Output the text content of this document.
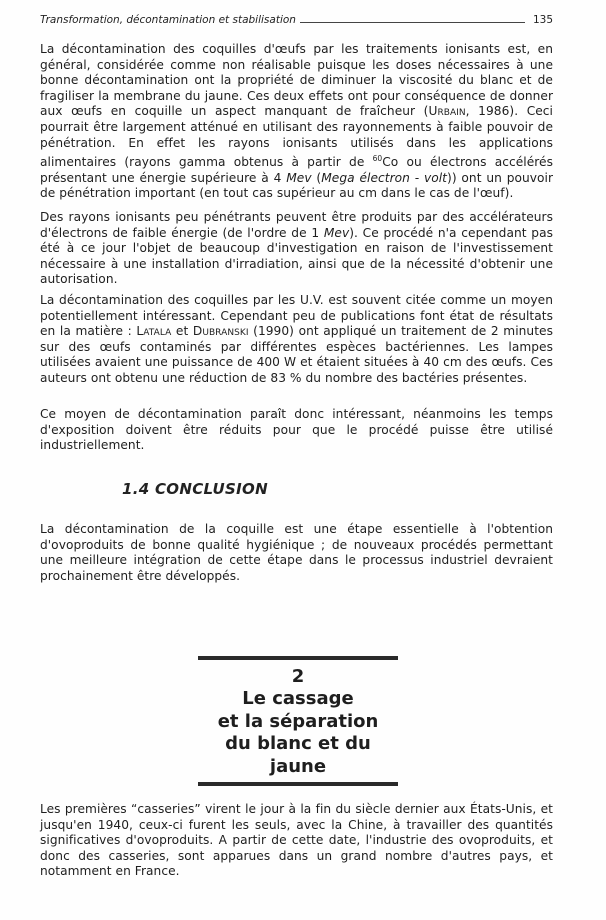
Transformation, décontamination et stabilisation	135

La décontamination des coquilles d'œufs par les traitements ionisants est, en général, considérée comme non réalisable puisque les doses nécessaires à une bonne décontamination ont la propriété de diminuer la viscosité du blanc et de fragiliser la membrane du jaune. Ces deux effets ont pour conséquence de donner aux œufs en coquille un aspect manquant de fraîcheur (Urbain, 1986). Ceci pourrait être largement atténué en utilisant des rayonnements à faible pouvoir de pénétration. En effet les rayons ionisants utilisés dans les applications alimentaires (rayons gamma obtenus à partir de $^{60}$Co ou électrons accélérés présentant une énergie supérieure à 4 Mev (Mega électron - volt)) ont un pouvoir de pénétration important (en tout cas supérieur au cm dans le cas de l'œuf).

Des rayons ionisants peu pénétrants peuvent être produits par des accélérateurs d'électrons de faible énergie (de l'ordre de 1 Mev). Ce procédé n'a cependant pas été à ce jour l'objet de beaucoup d'investigation en raison de l'investissement nécessaire à une installation d'irradiation, ainsi que de la nécessité d'obtenir une autorisation.

La décontamination des coquilles par les U.V. est souvent citée comme un moyen potentiellement intéressant. Cependant peu de publications font état de résultats en la matière : Latala et Dubranski (1990) ont appliqué un traitement de 2 minutes sur des œufs contaminés par différentes espèces bactériennes. Les lampes utilisées avaient une puissance de 400 W et étaient situées à 40 cm des œufs. Ces auteurs ont obtenu une réduction de 83 % du nombre des bactéries présentes.

Ce moyen de décontamination paraît donc intéressant, néanmoins les temps d'exposition doivent être réduits pour que le procédé puisse être utilisé industriellement.

1.4 CONCLUSION

La décontamination de la coquille est une étape essentielle à l'obtention d'ovoproduits de bonne qualité hygiénique ; de nouveaux procédés permettant une meilleure intégration de cette étape dans le processus industriel devraient prochainement être développés.

2
Le cassage
et la séparation
du blanc et du jaune

Les premières “casseries” virent le jour à la fin du siècle dernier aux États-Unis, et jusqu'en 1940, ceux-ci furent les seuls, avec la Chine, à travailler des quantités significatives d'ovoproduits. A partir de cette date, l'industrie des ovoproduits, et donc des casseries, sont apparues dans un grand nombre d'autres pays, et notamment en France.
